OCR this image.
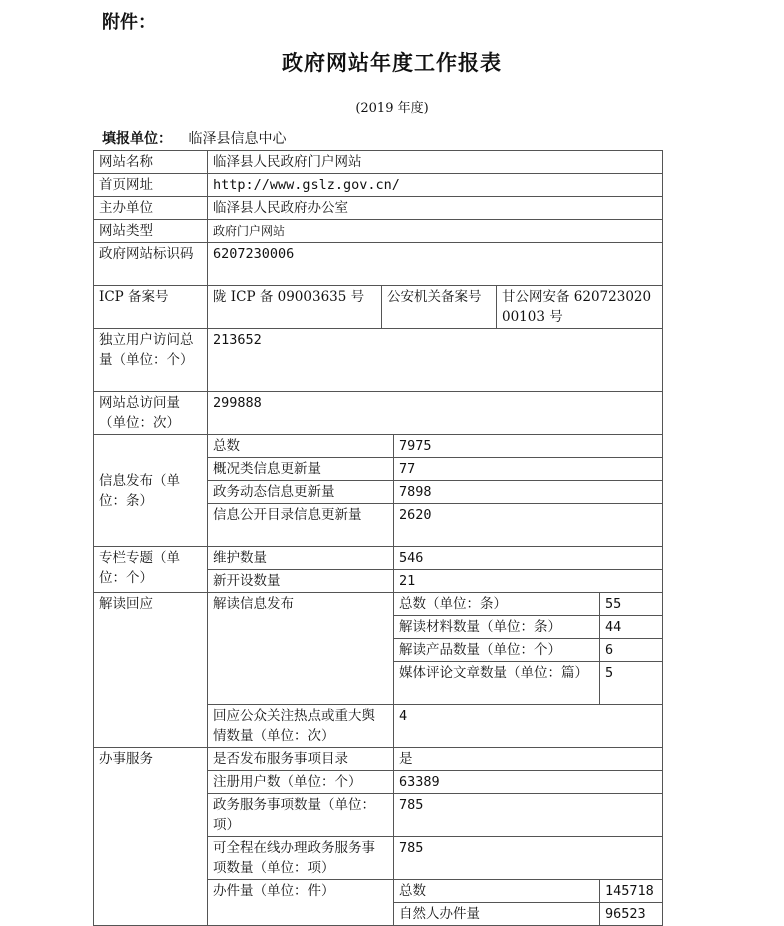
附件：
政府网站年度工作报表
(2019 年度)
填报单位： 临泽县信息中心
网站名称	临泽县人民政府门户网站				
首页网址	http://www.gslz.gov.cn/				
主办单位	临泽县人民政府办公室				
网站类型	政府门户网站				
政府网站标识码	6207230006				
ICP 备案号	陇 ICP 备 09003635 号	公安机关备案号		甘公网安备 62072302000103 号	
独立用户访问总量（单位：个）	213652				
网站总访问量（单位：次）	299888				
信息发布（单位：条）	总数		7975		
	概况类信息更新量		77		
	政务动态信息更新量		7898		
	信息公开目录信息更新量		2620		
专栏专题（单位：个）	维护数量		546		
	新开设数量		21		
解读回应	解读信息发布		总数（单位：条）		55
			解读材料数量（单位：条）		44
			解读产品数量（单位：个）		6
			媒体评论文章数量（单位：篇）		5
	回应公众关注热点或重大舆情数量（单位：次）		4		
办事服务	是否发布服务事项目录		是		
	注册用户数（单位：个）		63389		
	政务服务事项数量（单位：项）		785		
	可全程在线办理政务服务事项数量（单位：项）		785		
	办件量（单位：件）		总数		145718
			自然人办件量		96523
